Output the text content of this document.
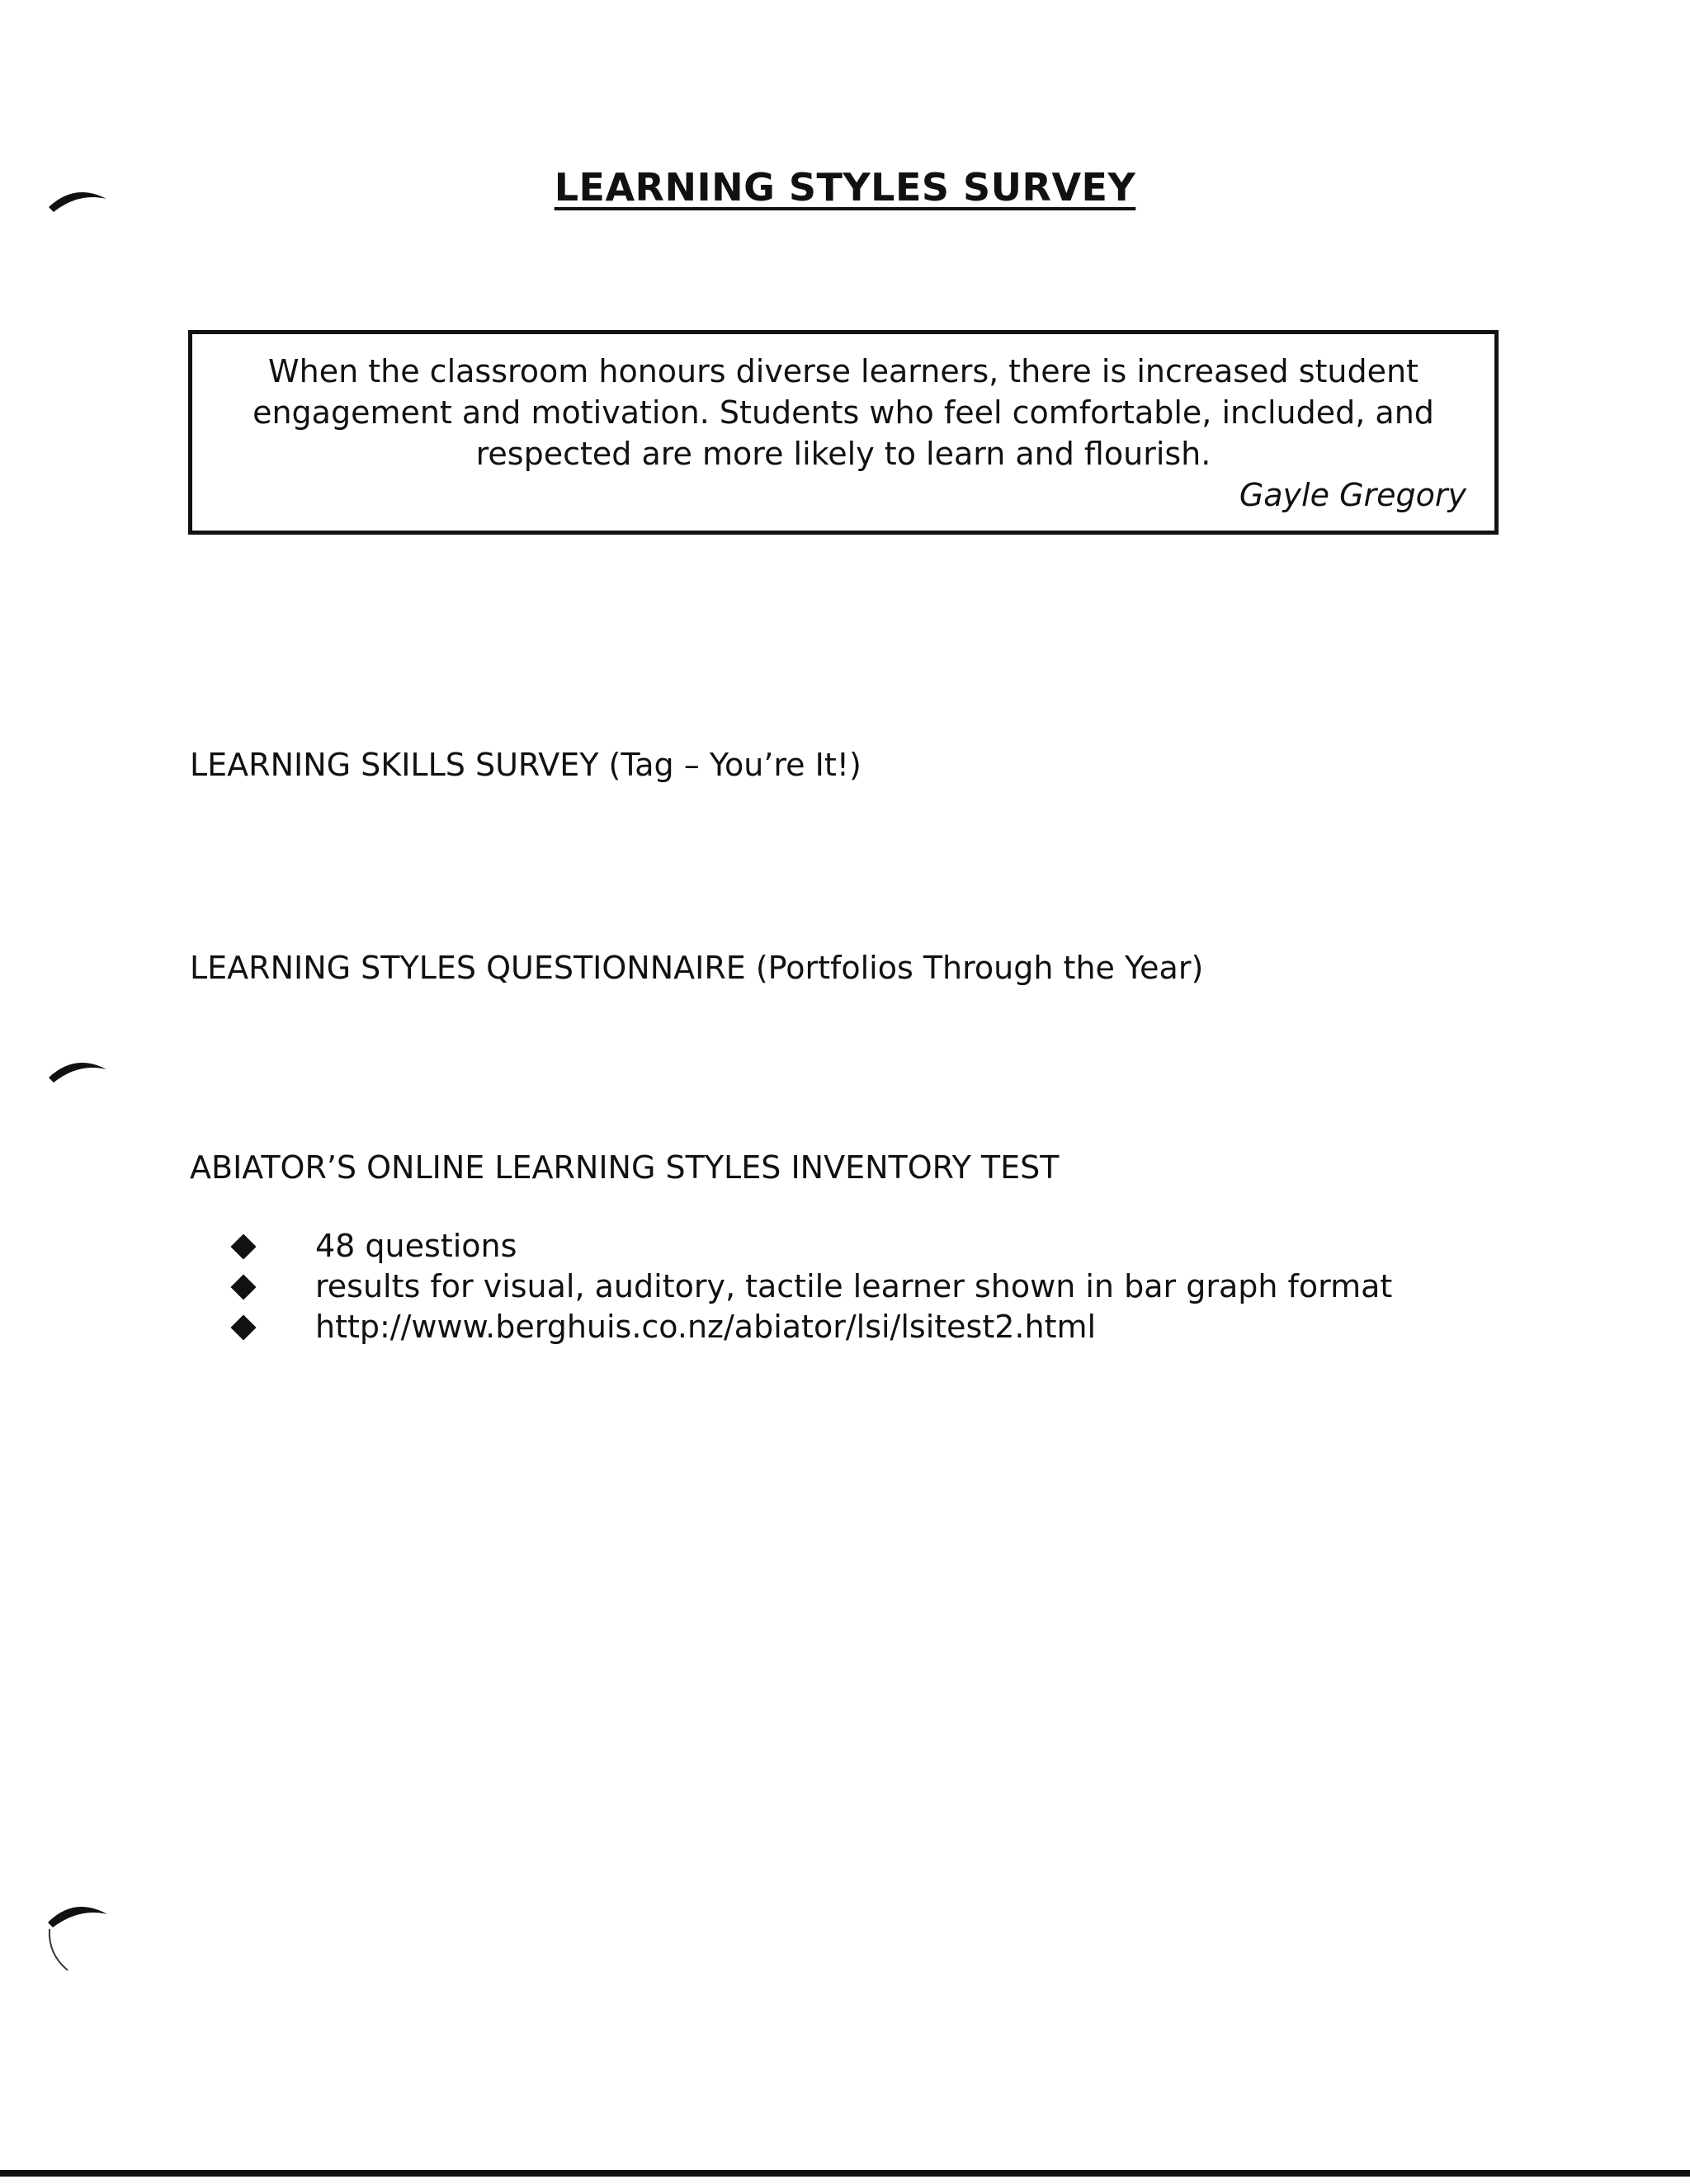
LEARNING STYLES SURVEY
When the classroom honours diverse learners, there is increased student engagement and motivation. Students who feel comfortable, included, and respected are more likely to learn and flourish.
Gayle Gregory
LEARNING SKILLS SURVEY (Tag – You’re It!)
LEARNING STYLES QUESTIONNAIRE (Portfolios Through the Year)
ABIATOR’S ONLINE LEARNING STYLES INVENTORY TEST
48 questions
results for visual, auditory, tactile learner shown in bar graph format
http://www.berghuis.co.nz/abiator/lsi/lsitest2.html
